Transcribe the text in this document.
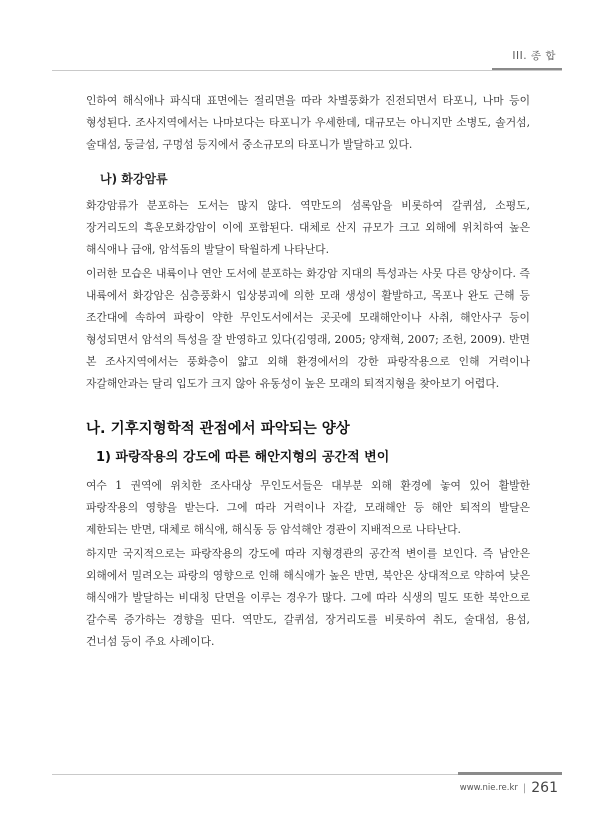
III. 종 합

인하여 해식애나 파식대 표면에는 절리면을 따라 차별풍화가 진전되면서 타포니, 나마 등이 형성된다. 조사지역에서는 나마보다는 타포니가 우세한데, 대규모는 아니지만 소병도, 솔거섬, 술대섬, 둥글섬, 구멍섬 등지에서 중소규모의 타포니가 발달하고 있다.

나) 화강암류

화강암류가 분포하는 도서는 많지 않다. 역만도의 섬록암을 비롯하여 갈퀴섬, 소평도, 장거리도의 흑운모화강암이 이에 포함된다. 대체로 산지 규모가 크고 외해에 위치하여 높은 해식애나 급애, 암석돔의 발달이 탁월하게 나타난다.

이러한 모습은 내륙이나 연안 도서에 분포하는 화강암 지대의 특성과는 사뭇 다른 양상이다. 즉 내륙에서 화강암은 심층풍화시 입상붕괴에 의한 모래 생성이 활발하고, 목포나 완도 근해 등 조간대에 속하여 파랑이 약한 무인도서에서는 곳곳에 모래해안이나 사취, 해안사구 등이 형성되면서 암석의 특성을 잘 반영하고 있다(김영래, 2005; 양재혁, 2007; 조헌, 2009). 반면 본 조사지역에서는 풍화층이 얇고 외해 환경에서의 강한 파랑작용으로 인해 거력이나 자갈해안과는 달리 입도가 크지 않아 유동성이 높은 모래의 퇴적지형을 찾아보기 어렵다.

나. 기후지형학적 관점에서 파악되는 양상
1) 파랑작용의 강도에 따른 해안지형의 공간적 변이

여수 1 권역에 위치한 조사대상 무인도서들은 대부분 외해 환경에 놓여 있어 활발한 파랑작용의 영향을 받는다. 그에 따라 거력이나 자갈, 모래해안 등 해안 퇴적의 발달은 제한되는 반면, 대체로 해식애, 해식동 등 암석해안 경관이 지배적으로 나타난다.

하지만 국지적으로는 파랑작용의 강도에 따라 지형경관의 공간적 변이를 보인다. 즉 남안은 외해에서 밀려오는 파랑의 영향으로 인해 해식애가 높은 반면, 북안은 상대적으로 약하여 낮은 해식애가 발달하는 비대칭 단면을 이루는 경우가 많다. 그에 따라 식생의 밀도 또한 북안으로 갈수록 증가하는 경향을 띤다. 역만도, 갈퀴섬, 장거리도를 비롯하여 취도, 술대섬, 용섬, 건너섬 등이 주요 사례이다.

www.nie.re.kr | 261
